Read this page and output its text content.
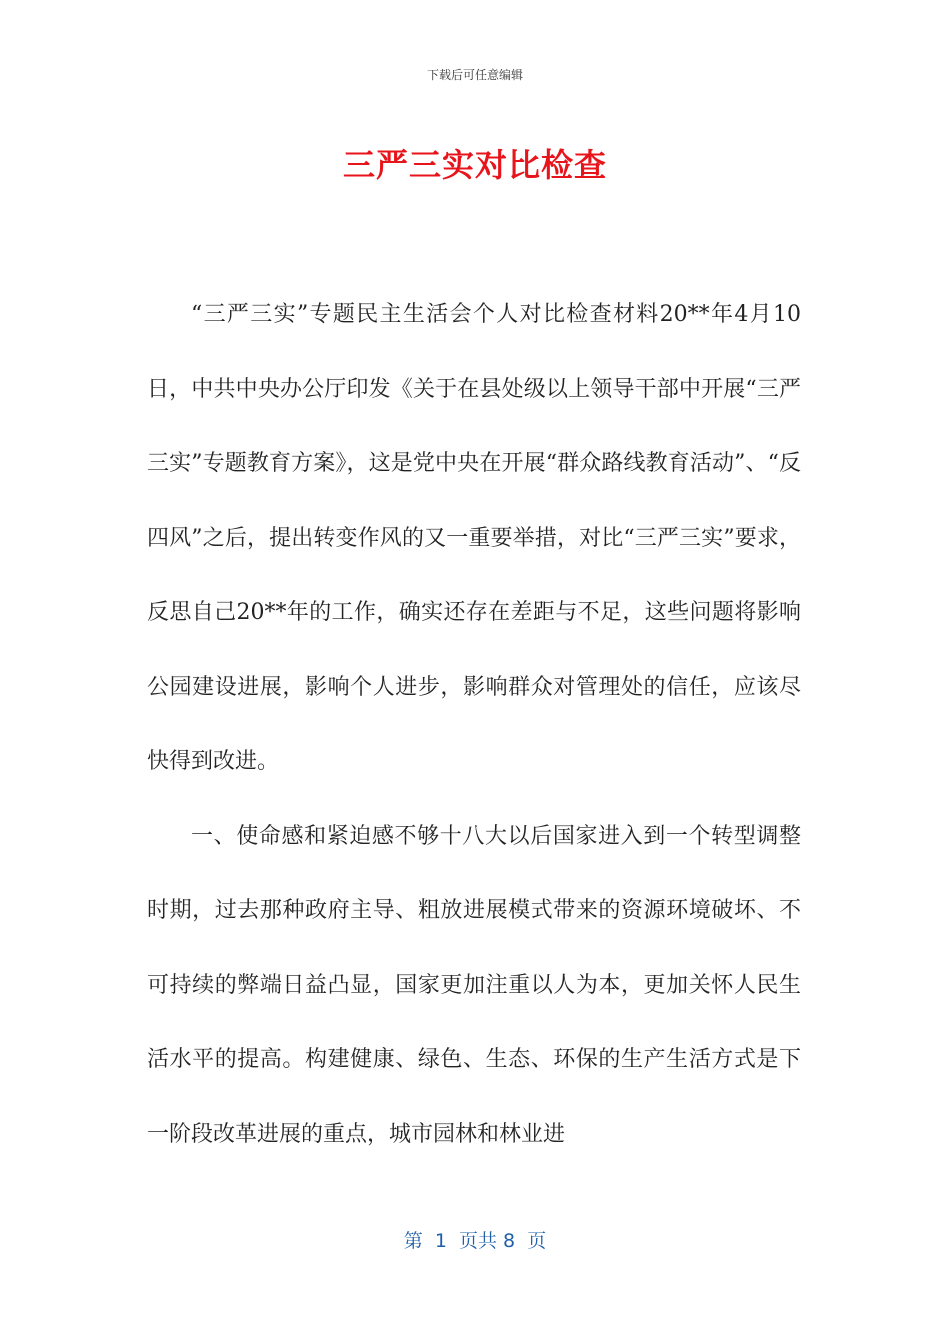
下载后可任意编辑
三严三实对比检查

“三严三实”专题民主生活会个人对比检查材料20**年4月10日，中共中央办公厅印发《关于在县处级以上领导干部中开展“三严三实”专题教育方案》，这是党中央在开展“群众路线教育活动”、“反四风”之后，提出转变作风的又一重要举措，对比“三严三实”要求，反思自己20**年的工作，确实还存在差距与不足，这些问题将影响公园建设进展，影响个人进步，影响群众对管理处的信任，应该尽快得到改进。

一、使命感和紧迫感不够十八大以后国家进入到一个转型调整时期，过去那种政府主导、粗放进展模式带来的资源环境破坏、不可持续的弊端日益凸显，国家更加注重以人为本，更加关怀人民生活水平的提高。构建健康、绿色、生态、环保的生产生活方式是下一阶段改革进展的重点，城市园林和林业进

第  1  页共 8  页
